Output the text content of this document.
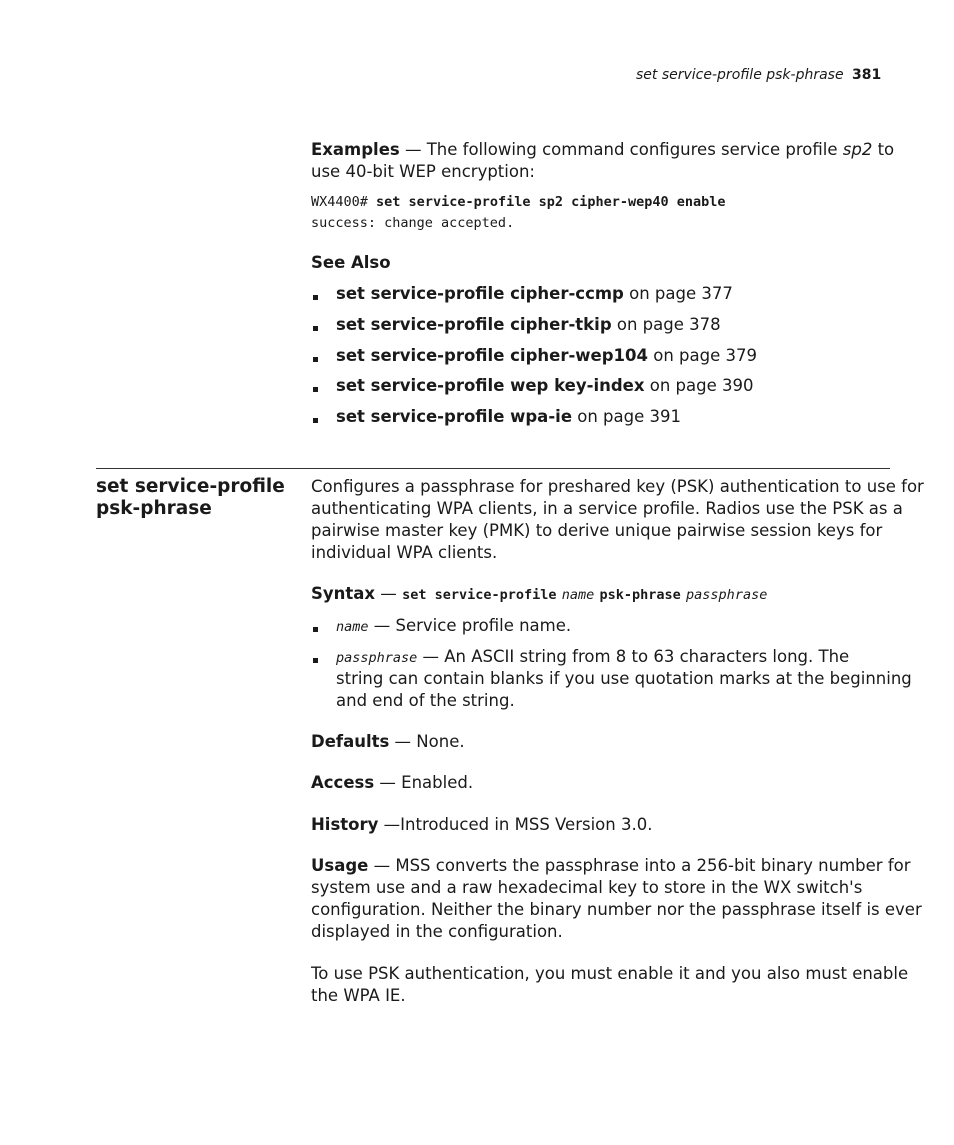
set service-profile psk-phrase 381
Examples — The following command configures service profile sp2 to
use 40-bit WEP encryption:
WX4400# set service-profile sp2 cipher-wep40 enable
success: change accepted.
See Also
set service-profile cipher-ccmp on page 377
set service-profile cipher-tkip on page 378
set service-profile cipher-wep104 on page 379
set service-profile wep key-index on page 390
set service-profile wpa-ie on page 391
set service-profile
psk-phrase
Configures a passphrase for preshared key (PSK) authentication to use for
authenticating WPA clients, in a service profile. Radios use the PSK as a
pairwise master key (PMK) to derive unique pairwise session keys for
individual WPA clients.
Syntax — set service-profile name psk-phrase passphrase
name — Service profile name.
passphrase — An ASCII string from 8 to 63 characters long. The
string can contain blanks if you use quotation marks at the beginning
and end of the string.
Defaults — None.
Access — Enabled.
History —Introduced in MSS Version 3.0.
Usage — MSS converts the passphrase into a 256-bit binary number for
system use and a raw hexadecimal key to store in the WX switch's
configuration. Neither the binary number nor the passphrase itself is ever
displayed in the configuration.
To use PSK authentication, you must enable it and you also must enable
the WPA IE.
